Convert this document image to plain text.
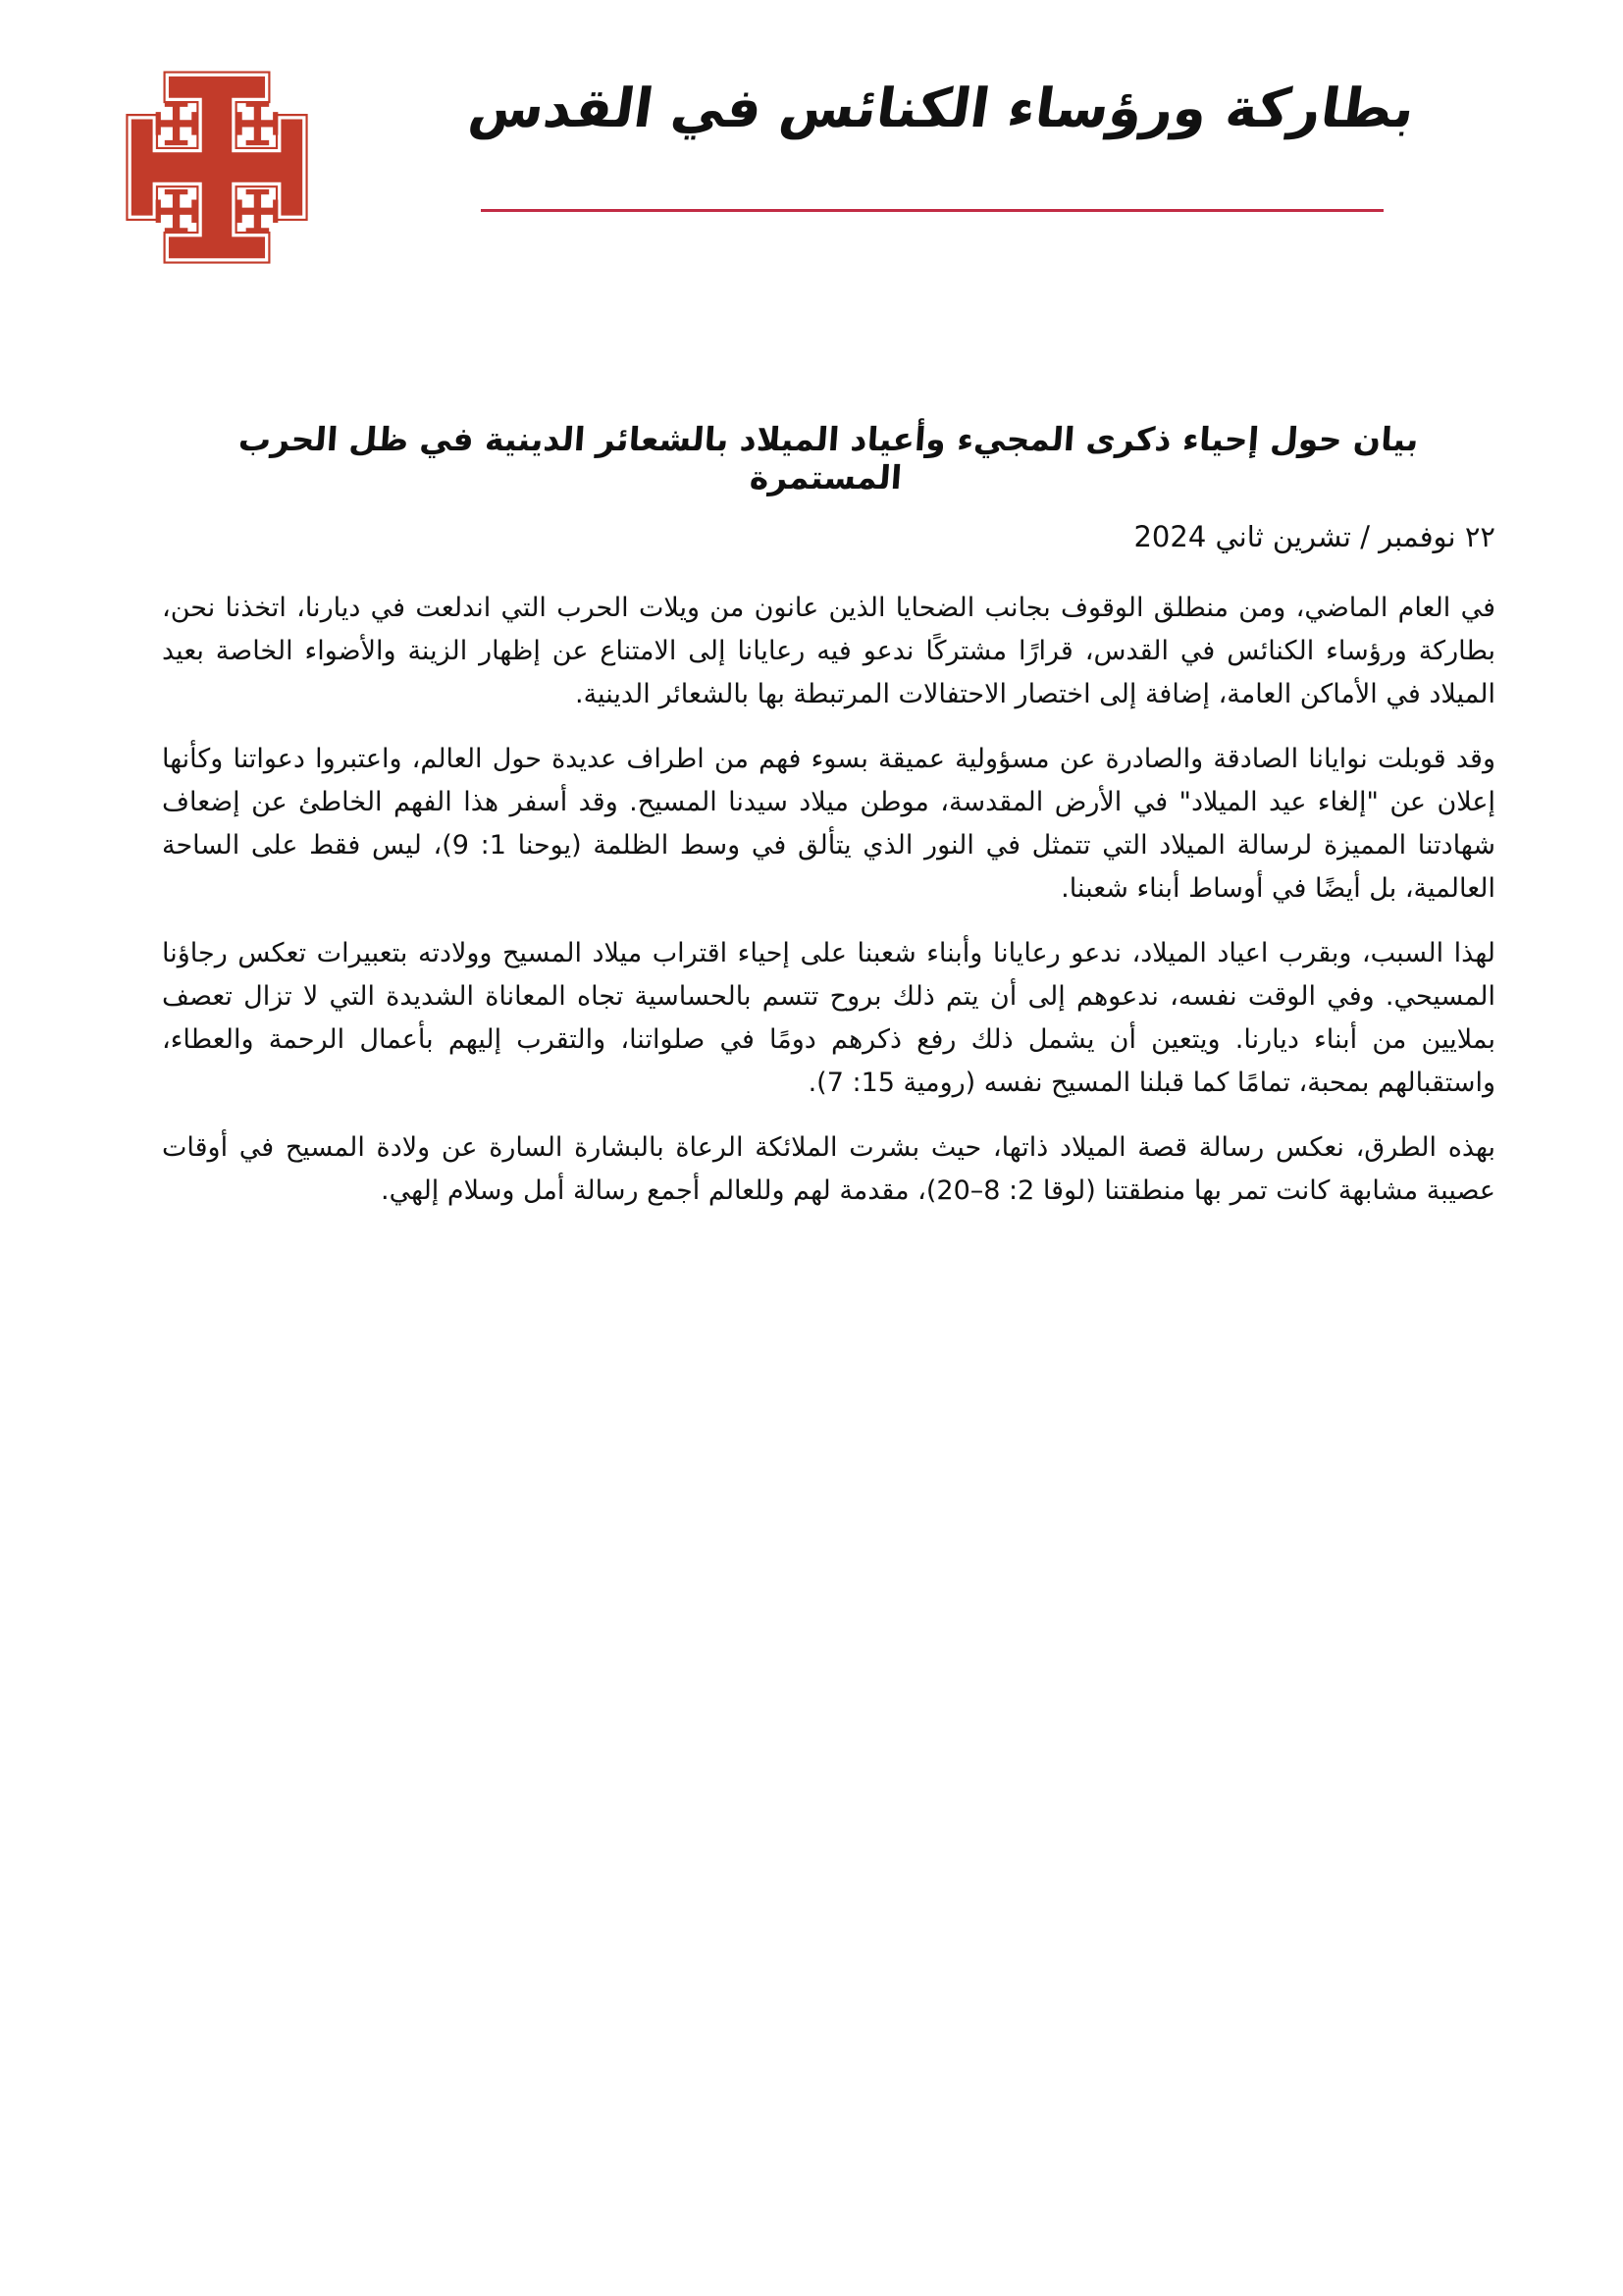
بطاركة ورؤساء الكنائس في القدس
بيان حول إحياء ذكرى المجيء وأعياد الميلاد بالشعائر الدينية في ظل الحرب المستمرة
٢٢ نوفمبر / تشرين ثاني 2024

في العام الماضي، ومن منطلق الوقوف بجانب الضحايا الذين عانون من ويلات الحرب التي اندلعت في ديارنا، اتخذنا نحن، بطاركة ورؤساء الكنائس في القدس، قرارًا مشتركًا ندعو فيه رعايانا إلى الامتناع عن إظهار الزينة والأضواء الخاصة بعيد الميلاد في الأماكن العامة، إضافة إلى اختصار الاحتفالات المرتبطة بها بالشعائر الدينية.

وقد قوبلت نوايانا الصادقة والصادرة عن مسؤولية عميقة بسوء فهم من اطراف عديدة حول العالم، واعتبروا دعواتنا وكأنها إعلان عن "إلغاء عيد الميلاد" في الأرض المقدسة، موطن ميلاد سيدنا المسيح. وقد أسفر هذا الفهم الخاطئ عن إضعاف شهادتنا المميزة لرسالة الميلاد التي تتمثل في النور الذي يتألق في وسط الظلمة (يوحنا 1: 9)، ليس فقط على الساحة العالمية، بل أيضًا في أوساط أبناء شعبنا.

لهذا السبب، وبقرب اعياد الميلاد، ندعو رعايانا وأبناء شعبنا على إحياء اقتراب ميلاد المسيح وولادته بتعبيرات تعكس رجاؤنا المسيحي. وفي الوقت نفسه، ندعوهم إلى أن يتم ذلك بروح تتسم بالحساسية تجاه المعاناة الشديدة التي لا تزال تعصف بملايين من أبناء ديارنا. ويتعين أن يشمل ذلك رفع ذكرهم دومًا في صلواتنا، والتقرب إليهم بأعمال الرحمة والعطاء، واستقبالهم بمحبة، تمامًا كما قبلنا المسيح نفسه (رومية 15: 7).

بهذه الطرق، نعكس رسالة قصة الميلاد ذاتها، حيث بشرت الملائكة الرعاة بالبشارة السارة عن ولادة المسيح في أوقات عصيبة مشابهة كانت تمر بها منطقتنا (لوقا 2: 8–20)، مقدمة لهم وللعالم أجمع رسالة أمل وسلام إلهي.
